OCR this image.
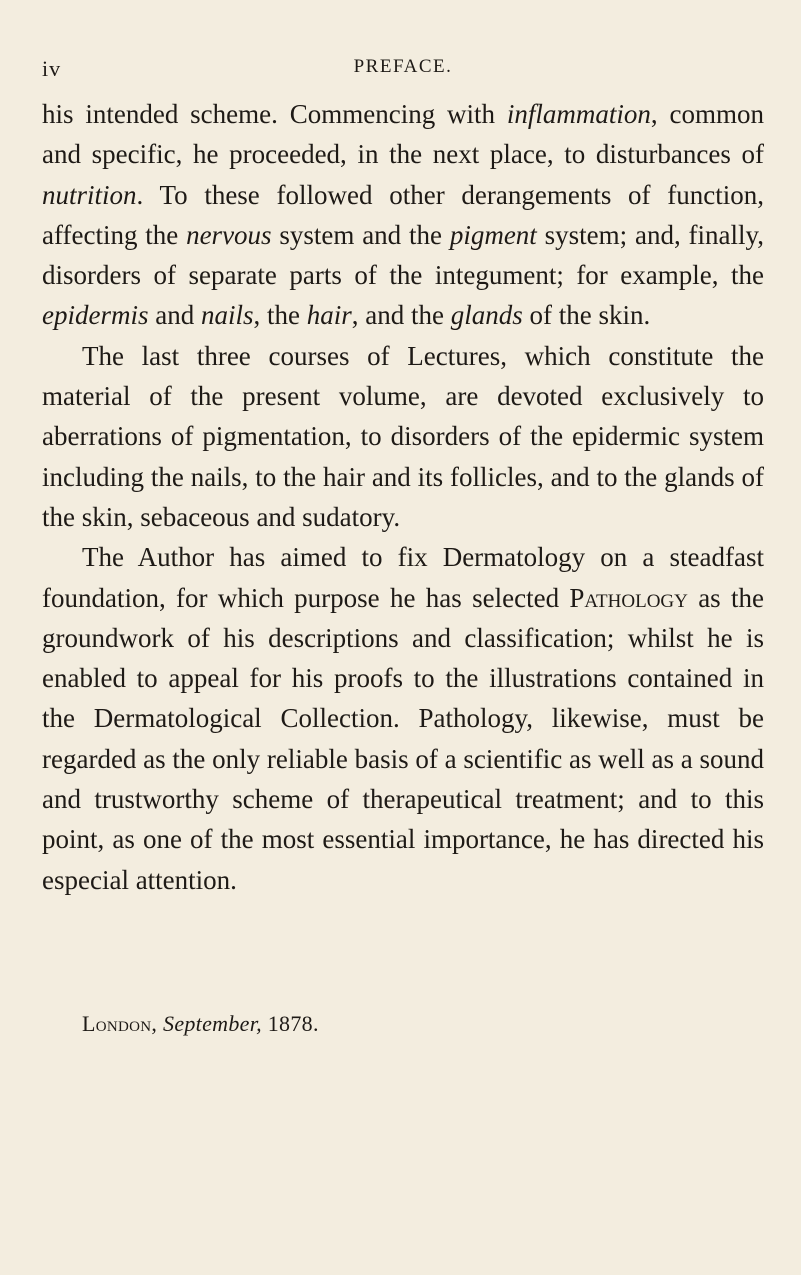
iv	PREFACE.

his intended scheme. Commencing with inflammation, common and specific, he proceeded, in the next place, to disturbances of nutrition. To these followed other derangements of function, affecting the nervous system and the pigment system; and, finally, disorders of separate parts of the integument; for example, the epidermis and nails, the hair, and the glands of the skin.

The last three courses of Lectures, which constitute the material of the present volume, are devoted exclusively to aberrations of pigmentation, to disorders of the epidermic system including the nails, to the hair and its follicles, and to the glands of the skin, sebaceous and sudatory.

The Author has aimed to fix Dermatology on a steadfast foundation, for which purpose he has selected Pathology as the groundwork of his descriptions and classification; whilst he is enabled to appeal for his proofs to the illustrations contained in the Dermatological Collection. Pathology, likewise, must be regarded as the only reliable basis of a scientific as well as a sound and trustworthy scheme of therapeutical treatment; and to this point, as one of the most essential importance, he has directed his especial attention.

London, September, 1878.
